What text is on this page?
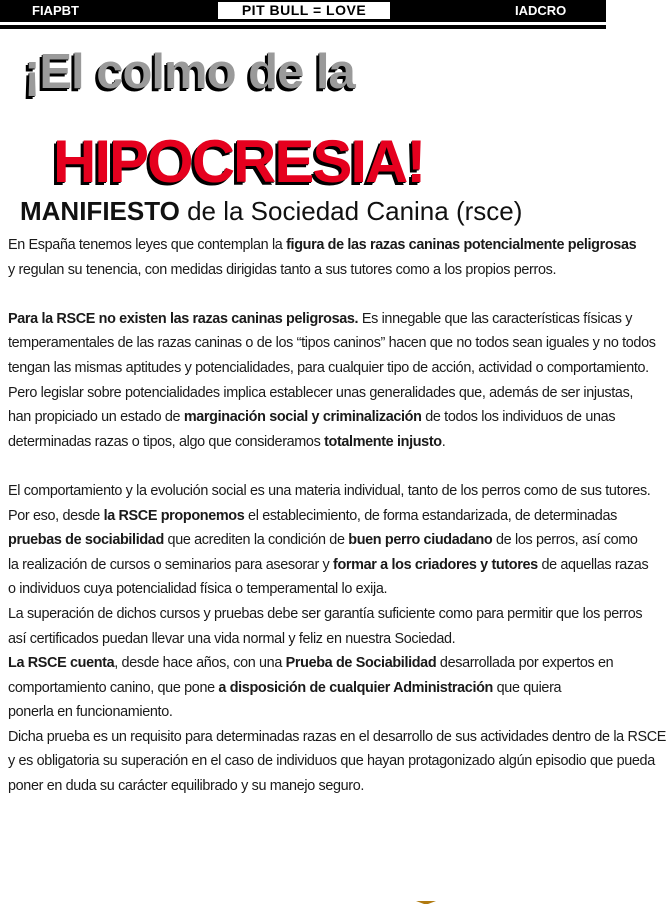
FIAPBT	PIT BULL = LOVE	IADCRO
¡El colmo de la
HIPOCRESIA!
MANIFIESTO de la Sociedad Canina (rsce)
En España tenemos leyes que contemplan la figura de las razas caninas potencialmente peligrosas
y regulan su tenencia, con medidas dirigidas tanto a sus tutores como a los propios perros.
Para la RSCE no existen las razas caninas peligrosas. Es innegable que las características físicas y
temperamentales de las razas caninas o de los “tipos caninos” hacen que no todos sean iguales y no todos
tengan las mismas aptitudes y potencialidades, para cualquier tipo de acción, actividad o comportamiento.
Pero legislar sobre potencialidades implica establecer unas generalidades que, además de ser injustas,
han propiciado un estado de marginación social y criminalización de todos los individuos de unas
determinadas razas o tipos, algo que consideramos totalmente injusto.
El comportamiento y la evolución social es una materia individual, tanto de los perros como de sus tutores.
Por eso, desde la RSCE proponemos el establecimiento, de forma estandarizada, de determinadas
pruebas de sociabilidad que acrediten la condición de buen perro ciudadano de los perros, así como
la realización de cursos o seminarios para asesorar y formar a los criadores y tutores de aquellas razas
o individuos cuya potencialidad física o temperamental lo exija.
La superación de dichos cursos y pruebas debe ser garantía suficiente como para permitir que los perros
así certificados puedan llevar una vida normal y feliz en nuestra Sociedad.
La RSCE cuenta, desde hace años, con una Prueba de Sociabilidad desarrollada por expertos en
comportamiento canino, que pone a disposición de cualquier Administración que quiera
ponerla en funcionamiento.
Dicha prueba es un requisito para determinadas razas en el desarrollo de sus actividades dentro de la RSCE
y es obligatoria su superación en el caso de individuos que hayan protagonizado algún episodio que pueda
poner en duda su carácter equilibrado y su manejo seguro.
